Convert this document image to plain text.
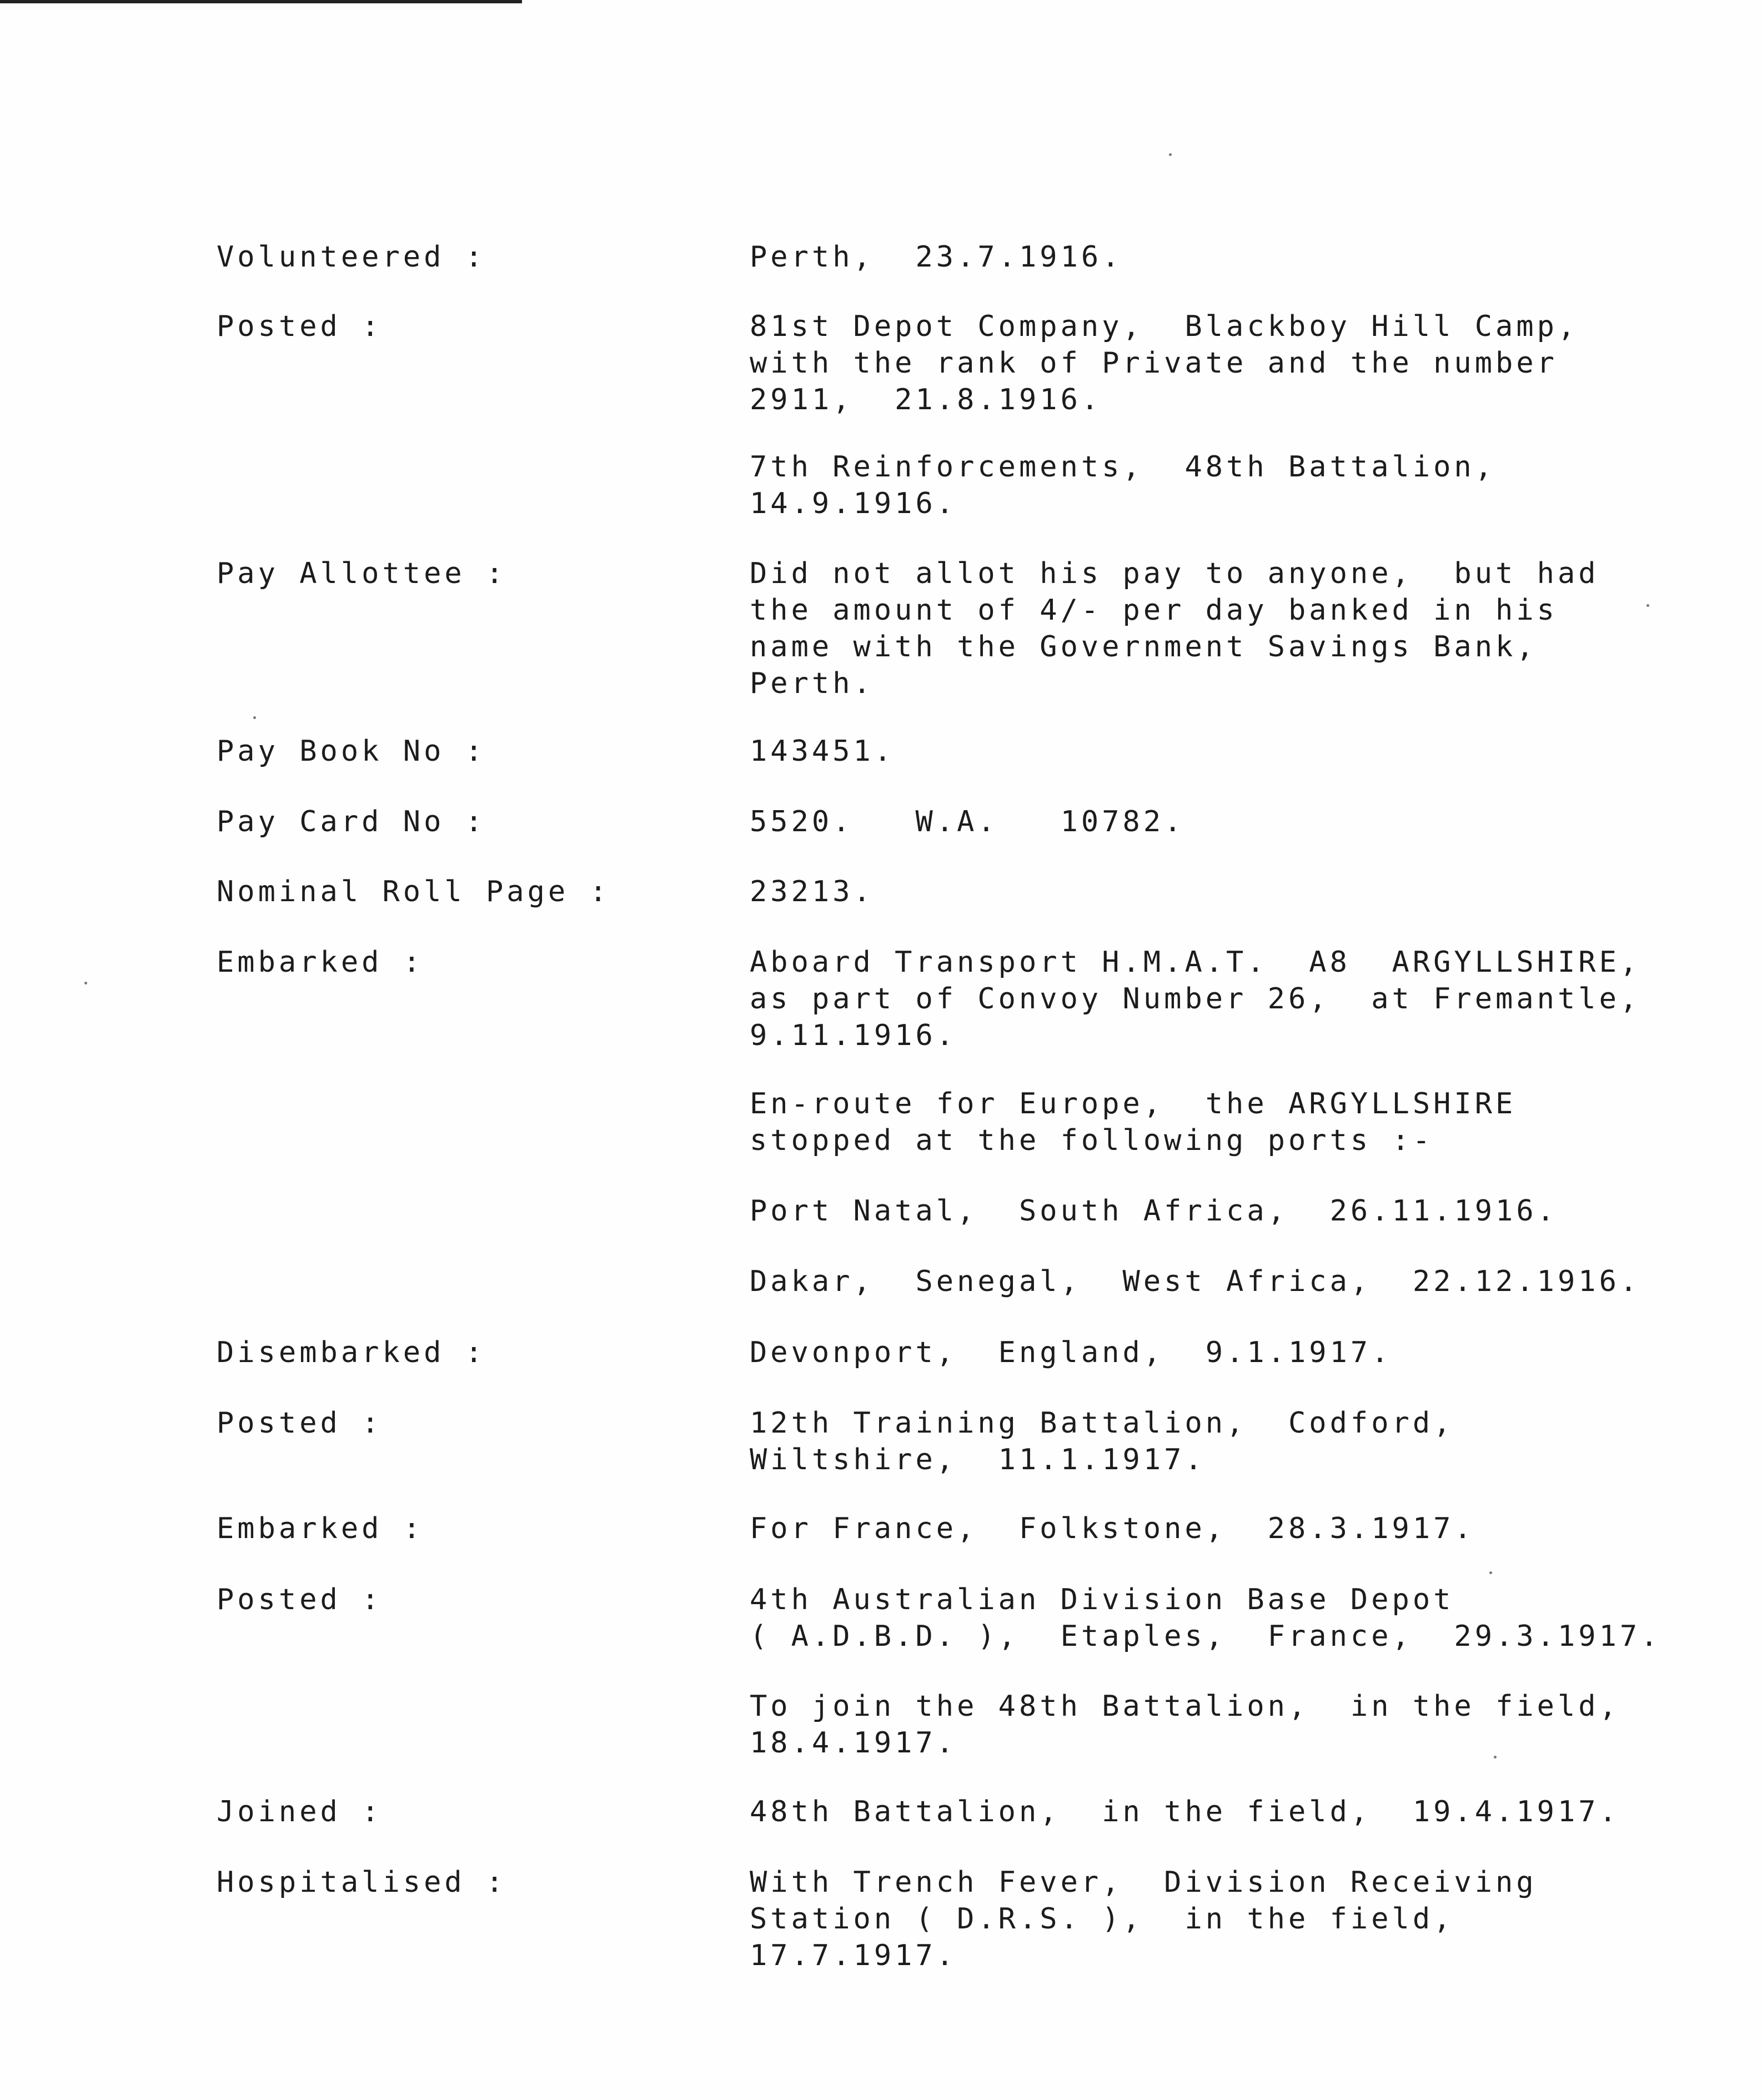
Volunteered :	Perth,  23.7.1916.
Posted :	81st Depot Company,  Blackboy Hill Camp,
with the rank of Private and the number
2911,  21.8.1916.
7th Reinforcements,  48th Battalion,
14.9.1916.
Pay Allottee :	Did not allot his pay to anyone,  but had
the amount of 4/- per day banked in his
name with the Government Savings Bank,
Perth.
Pay Book No :	143451.
Pay Card No :	5520.   W.A.   10782.
Nominal Roll Page :	23213.
Embarked :	Aboard Transport H.M.A.T.  A8  ARGYLLSHIRE,
as part of Convoy Number 26,  at Fremantle,
9.11.1916.
En-route for Europe,  the ARGYLLSHIRE
stopped at the following ports :-
Port Natal,  South Africa,  26.11.1916.
Dakar,  Senegal,  West Africa,  22.12.1916.
Disembarked :	Devonport,  England,  9.1.1917.
Posted :	12th Training Battalion,  Codford,
Wiltshire,  11.1.1917.
Embarked :	For France,  Folkstone,  28.3.1917.
Posted :	4th Australian Division Base Depot
( A.D.B.D. ),  Etaples,  France,  29.3.1917.
To join the 48th Battalion,  in the field,
18.4.1917.
Joined :	48th Battalion,  in the field,  19.4.1917.
Hospitalised :	With Trench Fever,  Division Receiving
Station ( D.R.S. ),  in the field,
17.7.1917.
